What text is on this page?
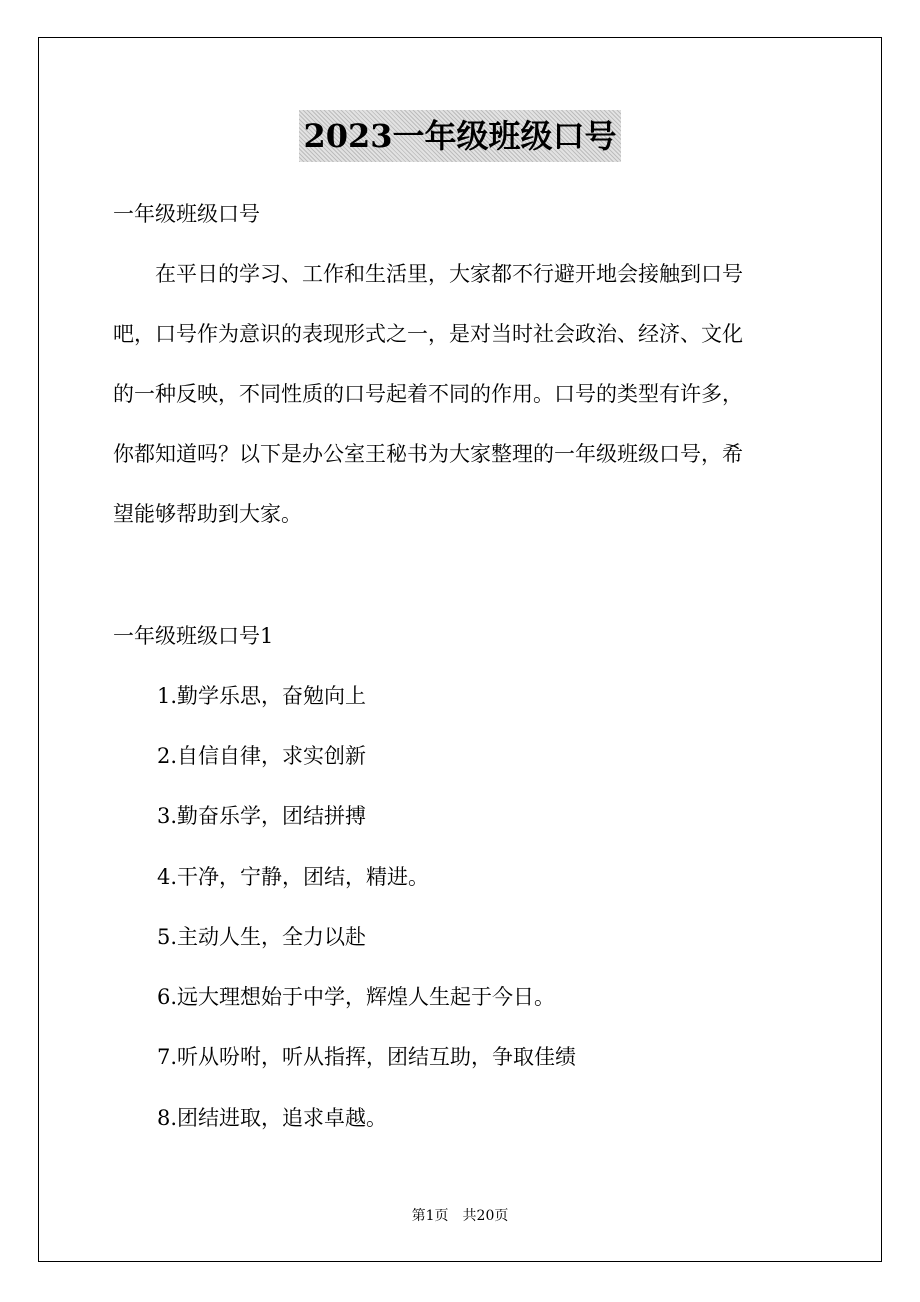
2023一年级班级口号

一年级班级口号

　　在平日的学习、工作和生活里，大家都不行避开地会接触到口号

吧，口号作为意识的表现形式之一，是对当时社会政治、经济、文化

的一种反映，不同性质的口号起着不同的作用。口号的类型有许多，

你都知道吗？以下是办公室王秘书为大家整理的一年级班级口号，希

望能够帮助到大家。

一年级班级口号1

1.勤学乐思，奋勉向上

2.自信自律，求实创新

3.勤奋乐学，团结拼搏

4.干净，宁静，团结，精进。

5.主动人生，全力以赴

6.远大理想始于中学，辉煌人生起于今日。

7.听从吩咐，听从指挥，团结互助，争取佳绩

8.团结进取，追求卓越。

第1页　共20页
